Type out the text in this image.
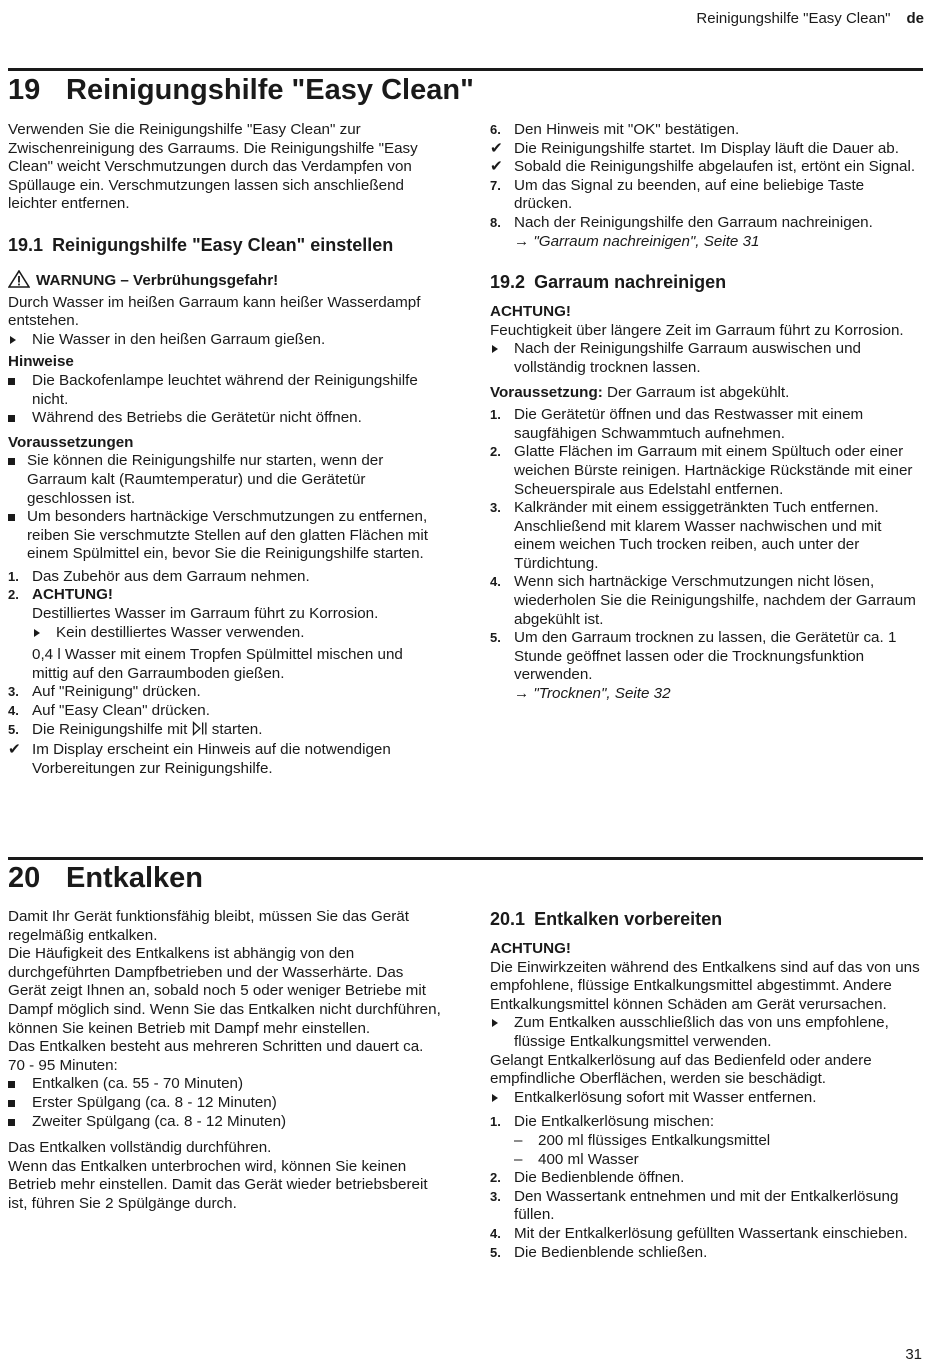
Reinigungshilfe "Easy Clean" de
19 Reinigungshilfe "Easy Clean"

Verwenden Sie die Reinigungshilfe "Easy Clean" zur Zwischenreinigung des Garraums. Die Reinigungshilfe "Easy Clean" weicht Verschmutzungen durch das Verdampfen von Spüllauge ein. Verschmutzungen lassen sich anschließend leichter entfernen.

19.1 Reinigungshilfe "Easy Clean" einstellen

WARNUNG – Verbrühungsgefahr!

Durch Wasser im heißen Garraum kann heißer Wasserdampf entstehen.

Nie Wasser in den heißen Garraum gießen.

Hinweise

Die Backofenlampe leuchtet während der Reinigungshilfe nicht.
Während des Betriebs die Gerätetür nicht öffnen.

Voraussetzungen

Sie können die Reinigungshilfe nur starten, wenn der Garraum kalt (Raumtemperatur) und die Gerätetür geschlossen ist.
Um besonders hartnäckige Verschmutzungen zu entfernen, reiben Sie verschmutzte Stellen auf den glatten Flächen mit einem Spülmittel ein, bevor Sie die Reinigungshilfe starten.
1. Das Zubehör aus dem Garraum nehmen.
2. ACHTUNG!

Destilliertes Wasser im Garraum führt zu Korrosion.

Kein destilliertes Wasser verwenden.

0,4 l Wasser mit einem Tropfen Spülmittel mischen und mittig auf den Garraumboden gießen.

3. Auf "Reinigung" drücken.
4. Auf "Easy Clean" drücken.
5. Die Reinigungshilfe mit starten.
✔ Im Display erscheint ein Hinweis auf die notwendigen Vorbereitungen zur Reinigungshilfe.
6. Den Hinweis mit "OK" bestätigen.
✔ Die Reinigungshilfe startet. Im Display läuft die Dauer ab.
✔ Sobald die Reinigungshilfe abgelaufen ist, ertönt ein Signal.
7. Um das Signal zu beenden, auf eine beliebige Taste drücken.
8. Nach der Reinigungshilfe den Garraum nachreinigen.

→ "Garraum nachreinigen", Seite 31

19.2 Garraum nachreinigen

ACHTUNG!

Feuchtigkeit über längere Zeit im Garraum führt zu Korrosion.

Nach der Reinigungshilfe Garraum auswischen und vollständig trocknen lassen.

Voraussetzung: Der Garraum ist abgekühlt.

1. Die Gerätetür öffnen und das Restwasser mit einem saugfähigen Schwammtuch aufnehmen.
2. Glatte Flächen im Garraum mit einem Spültuch oder einer weichen Bürste reinigen. Hartnäckige Rückstände mit einer Scheuerspirale aus Edelstahl entfernen.
3. Kalkränder mit einem essiggetränkten Tuch entfernen. Anschließend mit klarem Wasser nachwischen und mit einem weichen Tuch trocken reiben, auch unter der Türdichtung.
4. Wenn sich hartnäckige Verschmutzungen nicht lösen, wiederholen Sie die Reinigungshilfe, nachdem der Garraum abgekühlt ist.
5. Um den Garraum trocknen zu lassen, die Gerätetür ca. 1 Stunde geöffnet lassen oder die Trocknungsfunktion verwenden.

→ "Trocknen", Seite 32

20 Entkalken

Damit Ihr Gerät funktionsfähig bleibt, müssen Sie das Gerät regelmäßig entkalken.

Die Häufigkeit des Entkalkens ist abhängig von den durchgeführten Dampfbetrieben und der Wasserhärte. Das Gerät zeigt Ihnen an, sobald noch 5 oder weniger Betriebe mit Dampf möglich sind. Wenn Sie das Entkalken nicht durchführen, können Sie keinen Betrieb mit Dampf mehr einstellen.

Das Entkalken besteht aus mehreren Schritten und dauert ca. 70 - 95 Minuten:

Entkalken (ca. 55 - 70 Minuten)
Erster Spülgang (ca. 8 - 12 Minuten)
Zweiter Spülgang (ca. 8 - 12 Minuten)

Das Entkalken vollständig durchführen.

Wenn das Entkalken unterbrochen wird, können Sie keinen Betrieb mehr einstellen. Damit das Gerät wieder betriebsbereit ist, führen Sie 2 Spülgänge durch.

20.1 Entkalken vorbereiten

ACHTUNG!

Die Einwirkzeiten während des Entkalkens sind auf das von uns empfohlene, flüssige Entkalkungsmittel abgestimmt. Andere Entkalkungsmittel können Schäden am Gerät verursachen.

Zum Entkalken ausschließlich das von uns empfohlene, flüssige Entkalkungsmittel verwenden.

Gelangt Entkalkerlösung auf das Bedienfeld oder andere empfindliche Oberflächen, werden sie beschädigt.

Entkalkerlösung sofort mit Wasser entfernen.
1. Die Entkalkerlösung mischen:
– 200 ml flüssiges Entkalkungsmittel
– 400 ml Wasser
2. Die Bedienblende öffnen.
3. Den Wassertank entnehmen und mit der Entkalkerlösung füllen.
4. Mit der Entkalkerlösung gefüllten Wassertank einschieben.
5. Die Bedienblende schließen.
31
